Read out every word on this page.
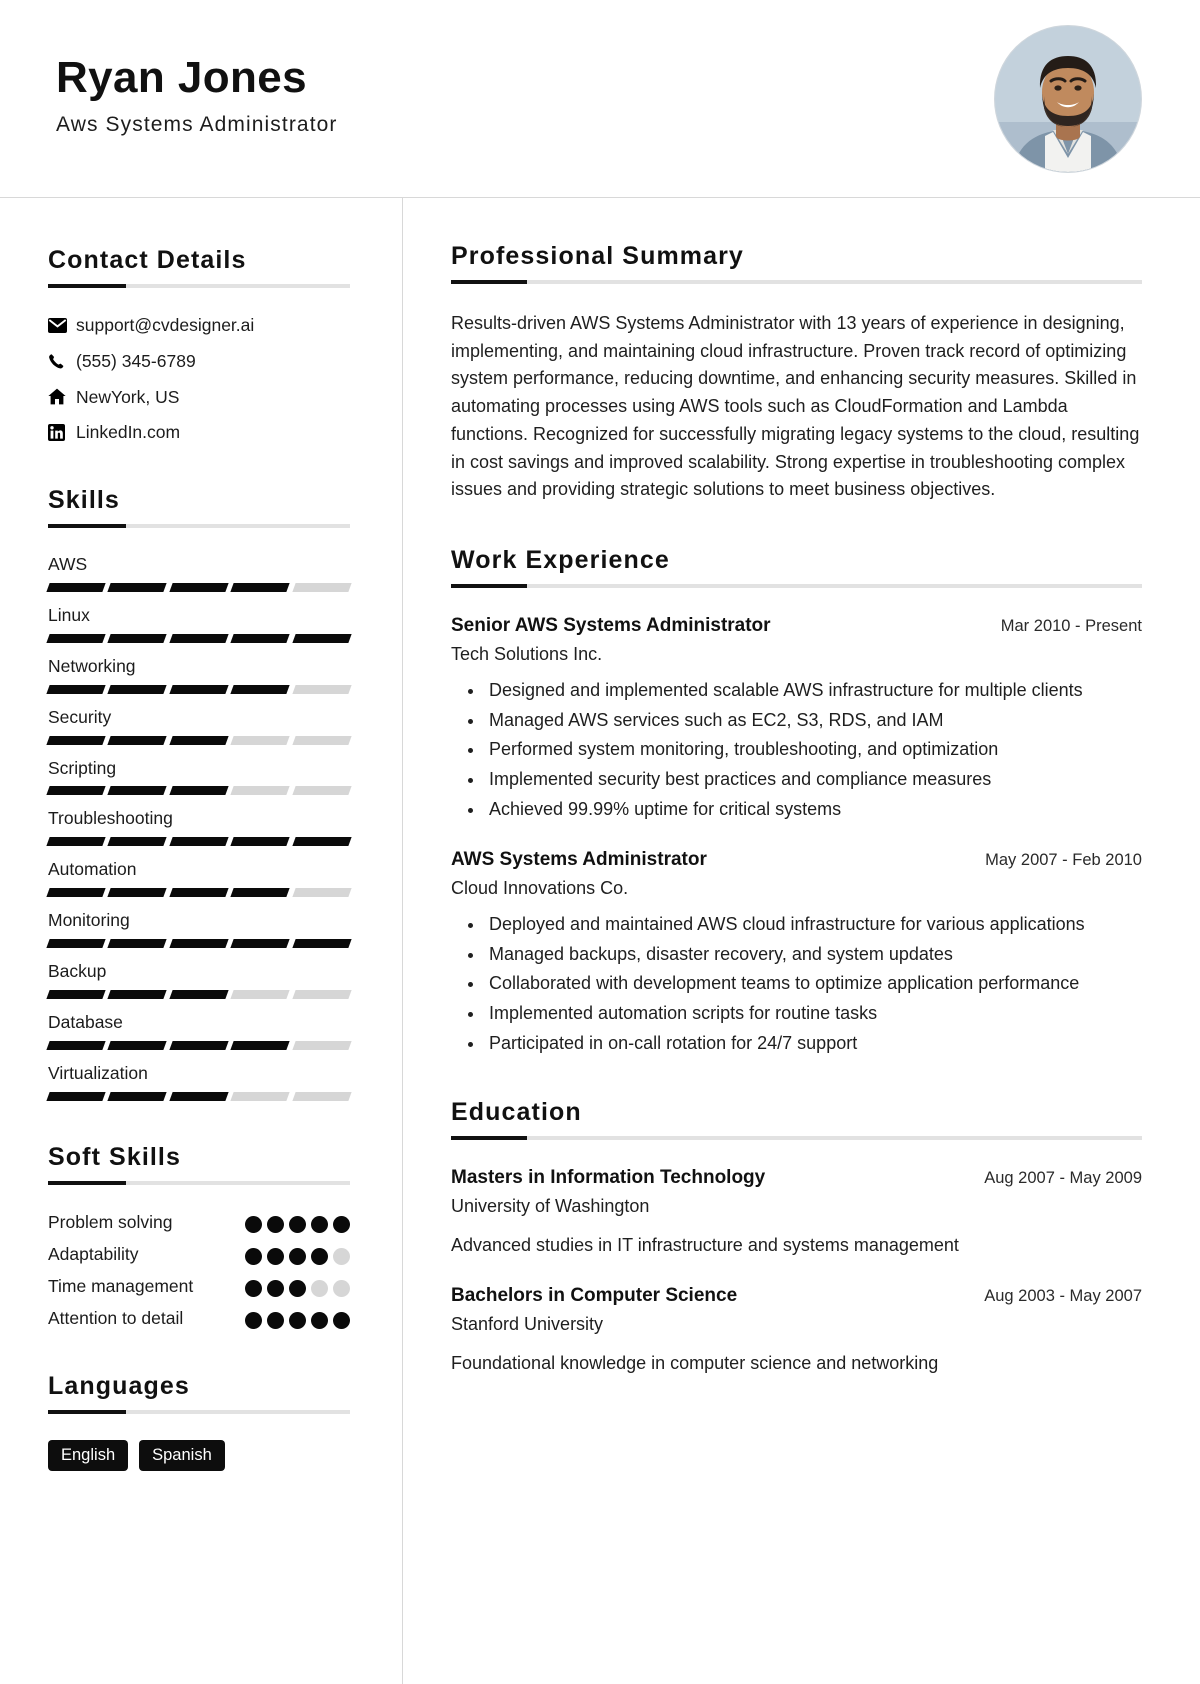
Ryan Jones
Aws Systems Administrator
Contact Details
support@cvdesigner.ai
(555) 345-6789
NewYork, US
LinkedIn.com
Skills
AWS
Linux
Networking
Security
Scripting
Troubleshooting
Automation
Monitoring
Backup
Database
Virtualization
Soft Skills
Problem solving
Adaptability
Time management
Attention to detail
Languages
English	Spanish
Professional Summary

Results-driven AWS Systems Administrator with 13 years of experience in designing, implementing, and maintaining cloud infrastructure. Proven track record of optimizing system performance, reducing downtime, and enhancing security measures. Skilled in automating processes using AWS tools such as CloudFormation and Lambda functions. Recognized for successfully migrating legacy systems to the cloud, resulting in cost savings and improved scalability. Strong expertise in troubleshooting complex issues and providing strategic solutions to meet business objectives.

Work Experience
Senior AWS Systems Administrator	Mar 2010 - Present
Tech Solutions Inc.
• Designed and implemented scalable AWS infrastructure for multiple clients
• Managed AWS services such as EC2, S3, RDS, and IAM
• Performed system monitoring, troubleshooting, and optimization
• Implemented security best practices and compliance measures
• Achieved 99.99% uptime for critical systems
AWS Systems Administrator	May 2007 - Feb 2010
Cloud Innovations Co.
• Deployed and maintained AWS cloud infrastructure for various applications
• Managed backups, disaster recovery, and system updates
• Collaborated with development teams to optimize application performance
• Implemented automation scripts for routine tasks
• Participated in on-call rotation for 24/7 support
Education
Masters in Information Technology	Aug 2007 - May 2009
University of Washington
Advanced studies in IT infrastructure and systems management
Bachelors in Computer Science	Aug 2003 - May 2007
Stanford University
Foundational knowledge in computer science and networking
